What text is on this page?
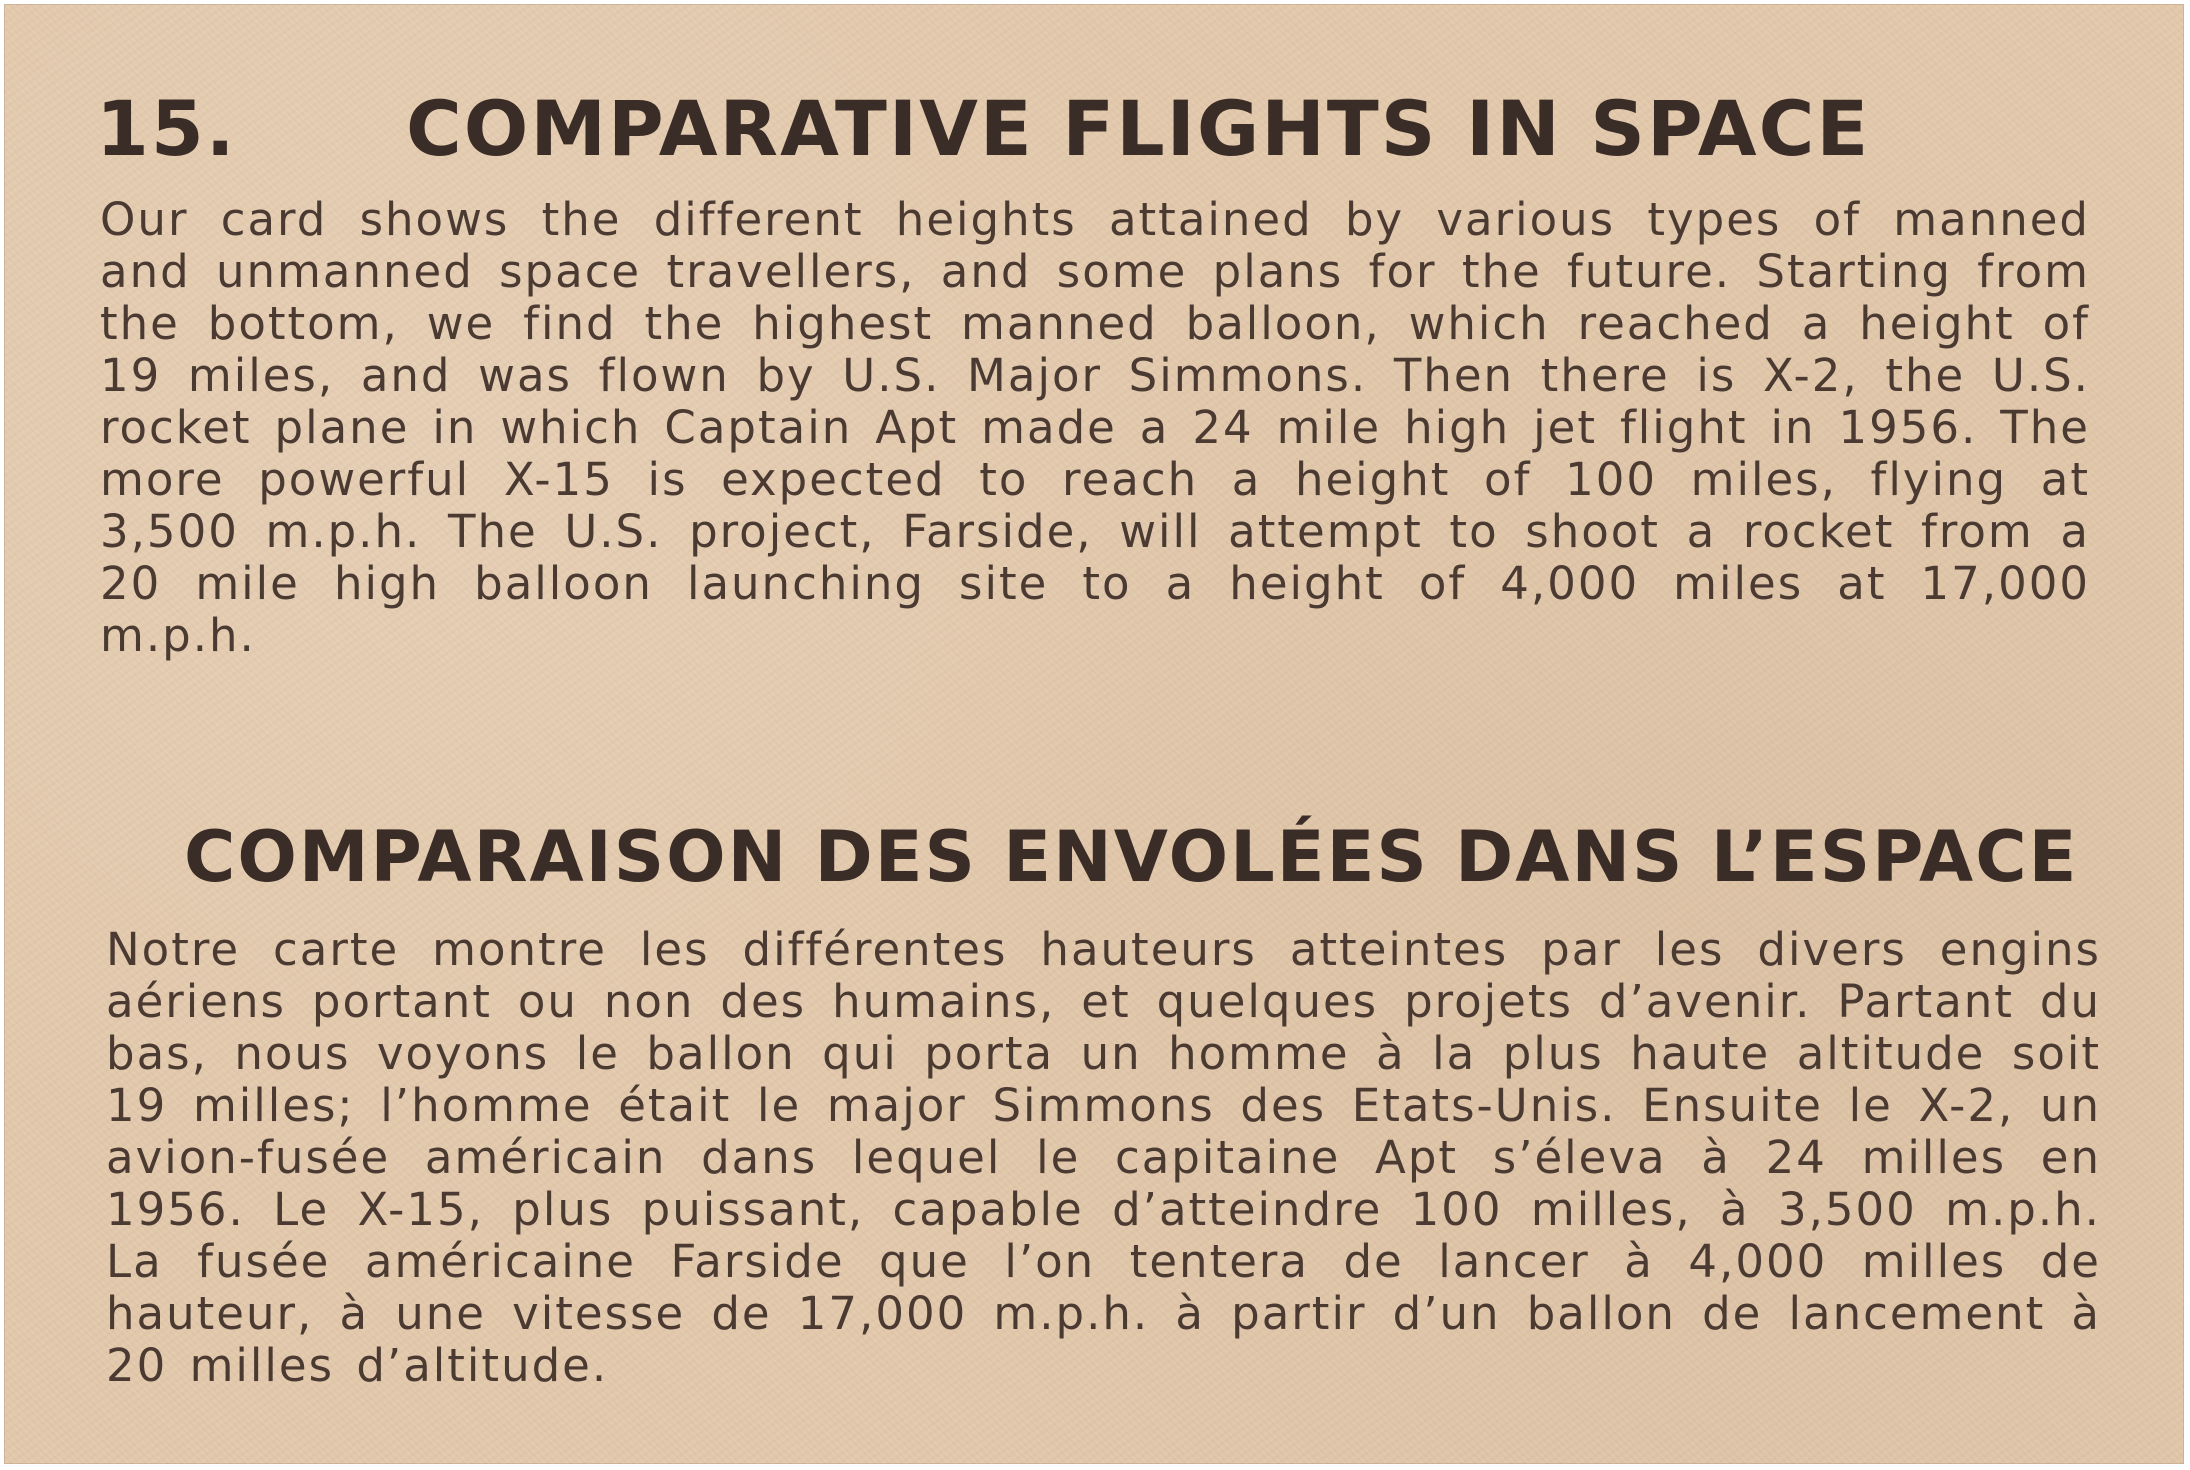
15. COMPARATIVE FLIGHTS IN SPACE
Our card shows the different heights attained by various types of manned and unmanned space travellers, and some plans for the future. Starting from the bottom, we find the highest manned balloon, which reached a height of 19 miles, and was flown by U.S. Major Simmons. Then there is X-2, the U.S. rocket plane in which Captain Apt made a 24 mile high jet flight in 1956. The more powerful X-15 is expected to reach a height of 100 miles, flying at 3,500 m.p.h. The U.S. project, Farside, will attempt to shoot a rocket from a 20 mile high balloon launching site to a height of 4,000 miles at 17,000 m.p.h.
COMPARAISON DES ENVOLÉES DANS L’ESPACE
Notre carte montre les différentes hauteurs atteintes par les divers engins aériens portant ou non des humains, et quelques projets d’avenir. Partant du bas, nous voyons le ballon qui porta un homme à la plus haute altitude soit 19 milles; l’homme était le major Simmons des Etats-Unis. Ensuite le X-2, un avion-fusée américain dans lequel le capitaine Apt s’éleva à 24 milles en 1956. Le X-15, plus puissant, capable d’atteindre 100 milles, à 3,500 m.p.h. La fusée américaine Farside que l’on tentera de lancer à 4,000 milles de hauteur, à une vitesse de 17,000 m.p.h. à partir d’un ballon de lancement à 20 milles d’altitude.
